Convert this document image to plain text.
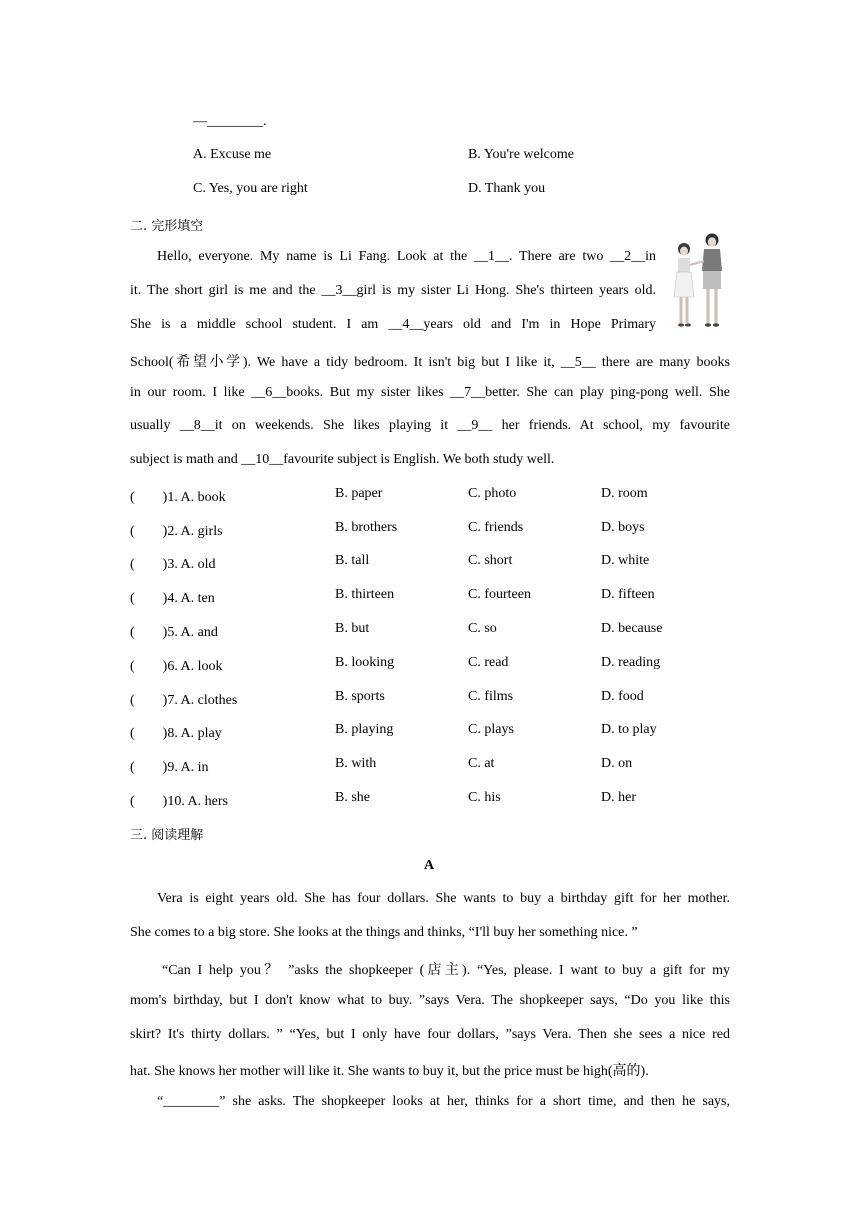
—________.
A. Excuse me	B. You're welcome
C. Yes, you are right	D. Thank you
二. 完形填空
Hello, everyone. My name is Li Fang. Look at the __1__. There are two __2__in
it. The short girl is me and the __3__girl is my sister Li Hong. She's thirteen years old.
She is a middle school student. I am __4__years old and I'm in Hope Primary
School(希望小学). We have a tidy bedroom. It isn't big but I like it, __5__ there are many books
in our room. I like __6__books. But my sister likes __7__better. She can play ping-pong well. She
usually __8__it on weekends. She likes playing it __9__ her friends. At school, my favourite
subject is math and __10__favourite subject is English. We both study well.
(　　)1. A. book	B. paper	C. photo	D. room
(　　)2. A. girls	B. brothers	C. friends	D. boys
(　　)3. A. old	B. tall	C. short	D. white
(　　)4. A. ten	B. thirteen	C. fourteen	D. fifteen
(　　)5. A. and	B. but	C. so	D. because
(　　)6. A. look	B. looking	C. read	D. reading
(　　)7. A. clothes	B. sports	C. films	D. food
(　　)8. A. play	B. playing	C. plays	D. to play
(　　)9. A. in	B. with	C. at	D. on
(　　)10. A. hers	B. she	C. his	D. her
三. 阅读理解
A
Vera is eight years old. She has four dollars. She wants to buy a birthday gift for her mother.
She comes to a big store. She looks at the things and thinks, “I'll buy her something nice. ”
“Can I help you？ ”asks the shopkeeper (店主). “Yes, please. I want to buy a gift for my
mom's birthday, but I don't know what to buy. ”says Vera. The shopkeeper says, “Do you like this
skirt? It's thirty dollars. ” “Yes, but I only have four dollars, ”says Vera. Then she sees a nice red
hat. She knows her mother will like it. She wants to buy it, but the price must be high(高的).
“________” she asks. The shopkeeper looks at her, thinks for a short time, and then he says,
